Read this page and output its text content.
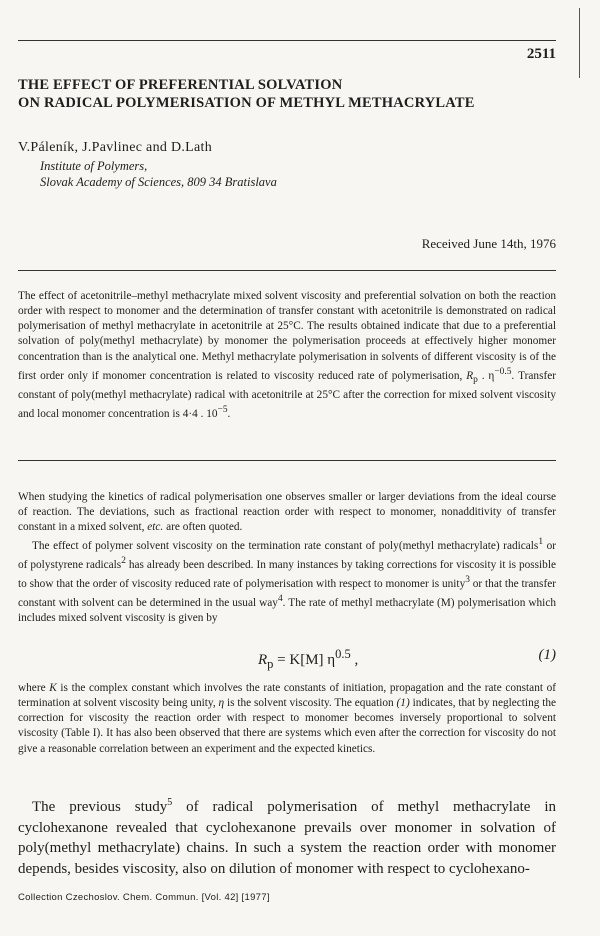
2511
THE EFFECT OF PREFERENTIAL SOLVATION
ON RADICAL POLYMERISATION OF METHYL METHACRYLATE
V.Páleník, J.Pavlinec and D.Lath
Institute of Polymers,
Slovak Academy of Sciences, 809 34 Bratislava
Received June 14th, 1976
The effect of acetonitrile–methyl methacrylate mixed solvent viscosity and preferential solvation on both the reaction order with respect to monomer and the determination of transfer constant with acetonitrile is demonstrated on radical polymerisation of methyl methacrylate in acetonitrile at 25°C. The results obtained indicate that due to a preferential solvation of poly(methyl methacrylate) by monomer the polymerisation proceeds at effectively higher monomer concentration than is the analytical one. Methyl methacrylate polymerisation in solvents of different viscosity is of the first order only if monomer concentration is related to viscosity reduced rate of polymerisation, $R_p$ . $\eta^{-0.5}$. Transfer constant of poly(methyl methacrylate) radical with acetonitrile at 25°C after the correction for mixed solvent viscosity and local monomer concentration is 4·4 . $10^{-5}$.

When studying the kinetics of radical polymerisation one observes smaller or larger deviations from the ideal course of reaction. The deviations, such as fractional reaction order with respect to monomer, nonadditivity of transfer constant in a mixed solvent, etc. are often quoted.

The effect of polymer solvent viscosity on the termination rate constant of poly(methyl methacrylate) radicals$^1$ or of polystyrene radicals$^2$ has already been described. In many instances by taking corrections for viscosity it is possible to show that the order of viscosity reduced rate of polymerisation with respect to monomer is unity$^3$ or that the transfer constant with solvent can be determined in the usual way$^4$. The rate of methyl methacrylate (M) polymerisation which includes mixed solvent viscosity is given by

$R_p = K[M]$ $\eta^{0.5}$ ,	(1)
where K is the complex constant which involves the rate constants of initiation, propagation and the rate constant of termination at solvent viscosity being unity, η is the solvent viscosity. The equation (1) indicates, that by neglecting the correction for viscosity the reaction order with respect to monomer becomes inversely proportional to solvent viscosity (Table I). It has also been observed that there are systems which even after the correction for viscosity do not give a reasonable correlation between an experiment and the expected kinetics.
The previous study$^5$ of radical polymerisation of methyl methacrylate in cyclohexanone revealed that cyclohexanone prevails over monomer in solvation of poly(methyl methacrylate) chains. In such a system the reaction order with monomer depends, besides viscosity, also on dilution of monomer with respect to cyclohexano-
Collection Czechoslov. Chem. Commun. [Vol. 42] [1977]
